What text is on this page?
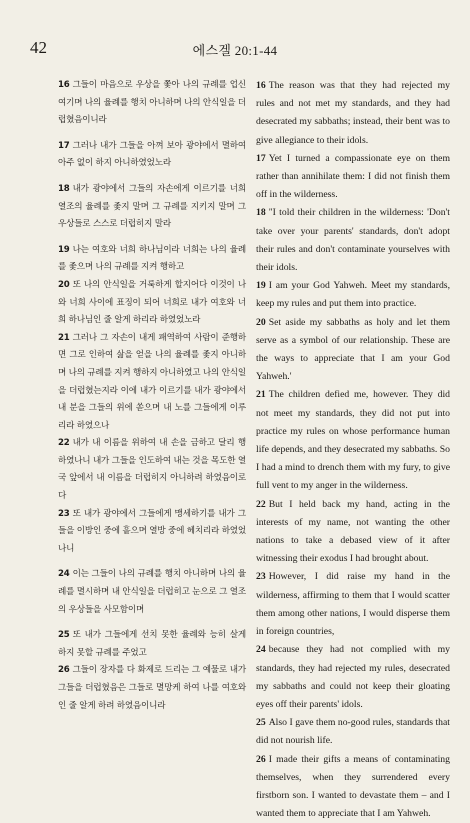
42	에스겔 20:1-44

16 그들이 마음으로 우상을 쫓아 나의 규례를 업신여기며 나의 율례를 행치 아니하며 나의 안식일을 더럽혔음이니라

17 그러나 내가 그들을 아껴 보아 광야에서 멸하여 아주 없이 하지 아니하였었노라

18 내가 광야에서 그들의 자손에게 이르기를 너희 열조의 율례를 좇지 말며 그 규례를 지키지 말며 그 우상들로 스스로 더럽히지 말라

19 나는 여호와 너희 하나님이라 너희는 나의 율례를 좇으며 나의 규례를 지켜 행하고

20 또 나의 안식일을 거룩하게 할지어다 이것이 나와 너희 사이에 표징이 되어 너희로 내가 여호와 너희 하나님인 줄 알게 하리라 하였었노라

21 그러나 그 자손이 내게 패역하여 사람이 준행하면 그로 인하여 삶을 얻을 나의 율례를 좇지 아니하며 나의 규례를 지켜 행하지 아니하였고 나의 안식일을 더럽혔는지라 이에 내가 이르기를 내가 광야에서 내 분을 그들의 위에 쏟으며 내 노를 그들에게 이루리라 하였으나

22 내가 내 이름을 위하여 내 손을 금하고 달리 행하였나니 내가 그들을 인도하여 내는 것을 목도한 열국 앞에서 내 이름을 더럽히지 아니하려 하였음이로다

23 또 내가 광야에서 그들에게 맹세하기를 내가 그들을 이방인 중에 흩으며 열방 중에 헤치리라 하였었나니

24 이는 그들이 나의 규례를 행치 아니하며 나의 율례를 멸시하며 내 안식일을 더럽히고 눈으로 그 열조의 우상들을 사모함이며

25 또 내가 그들에게 선치 못한 율례와 능히 살게 하지 못할 규례를 주었고

26 그들이 장자를 다 화제로 드리는 그 예물로 내가 그들을 더럽혔음은 그들로 멸망케 하여 나를 여호와인 줄 알게 하려 하였음이니라

16 The reason was that they had rejected my rules and not met my standards, and they had desecrated my sabbaths; instead, their bent was to give allegiance to their idols.

17 Yet I turned a compassionate eye on them rather than annihilate them: I did not finish them off in the wilderness.

18 "I told their children in the wilderness: 'Don't take over your parents' standards, don't adopt their rules and don't contaminate yourselves with their idols.

19 I am your God Yahweh. Meet my standards, keep my rules and put them into practice.

20 Set aside my sabbaths as holy and let them serve as a symbol of our relationship. These are the ways to appreciate that I am your God Yahweh.'

21 The children defied me, however. They did not meet my standards, they did not put into practice my rules on whose performance human life depends, and they desecrated my sabbaths. So I had a mind to drench them with my fury, to give full vent to my anger in the wilderness.

22 But I held back my hand, acting in the interests of my name, not wanting the other nations to take a debased view of it after witnessing their exodus I had brought about.

23 However, I did raise my hand in the wilderness, affirming to them that I would scatter them among other nations, I would disperse them in foreign countries,

24 because they had not complied with my standards, they had rejected my rules, desecrated my sabbaths and could not keep their gloating eyes off their parents' idols.

25 Also I gave them no-good rules, standards that did not nourish life.

26 I made their gifts a means of contaminating themselves, when they surrendered every firstborn son. I wanted to devastate them – and I wanted them to appreciate that I am Yahweh.
